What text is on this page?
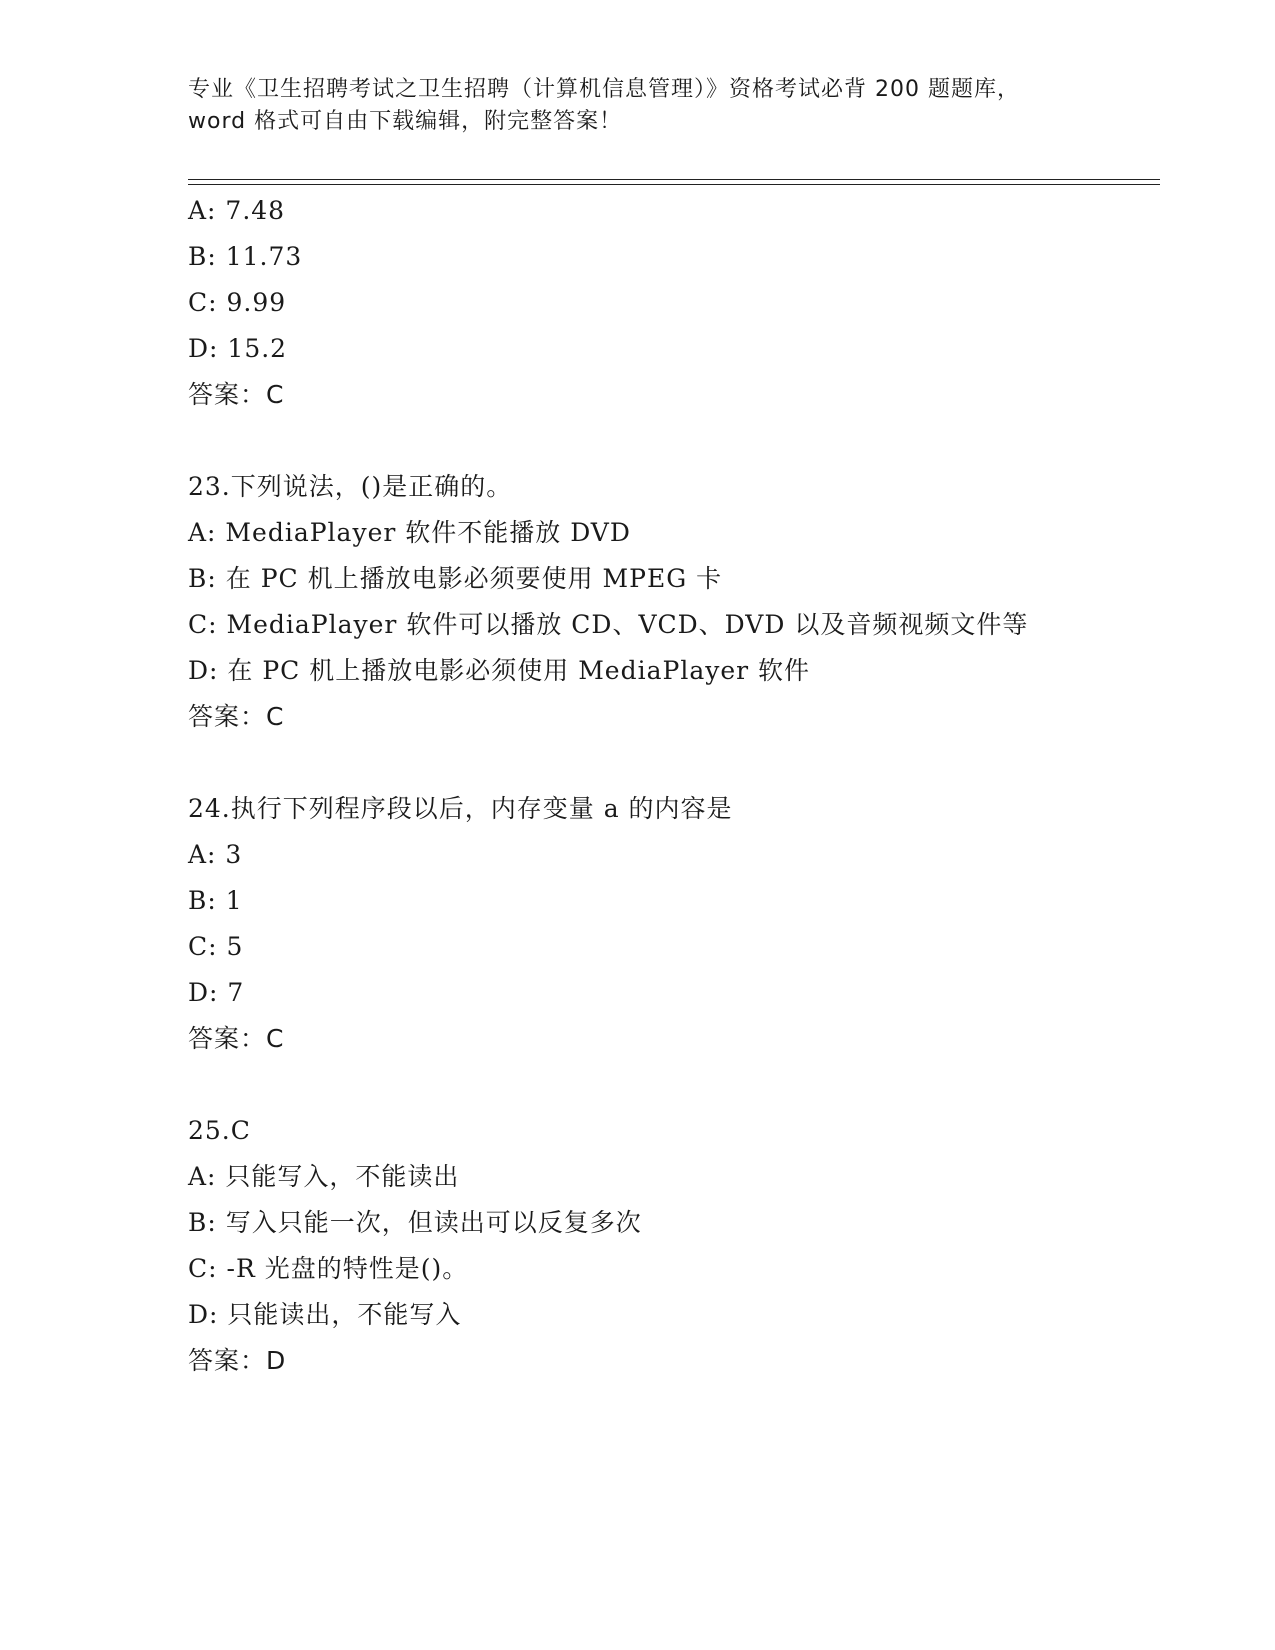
专业《卫生招聘考试之卫生招聘（计算机信息管理）》资格考试必背 200 题题库，
word 格式可自由下载编辑，附完整答案！
A: 7.48
B: 11.73
C: 9.99
D: 15.2
答案：C
23.下列说法，()是正确的。
A: MediaPlayer 软件不能播放 DVD
B: 在 PC 机上播放电影必须要使用 MPEG 卡
C: MediaPlayer 软件可以播放 CD、VCD、DVD 以及音频视频文件等
D: 在 PC 机上播放电影必须使用 MediaPlayer 软件
答案：C
24.执行下列程序段以后，内存变量 a 的内容是
A: 3
B: 1
C: 5
D: 7
答案：C
25.C
A: 只能写入，不能读出
B: 写入只能一次，但读出可以反复多次
C: -R 光盘的特性是()。
D: 只能读出，不能写入
答案：D
